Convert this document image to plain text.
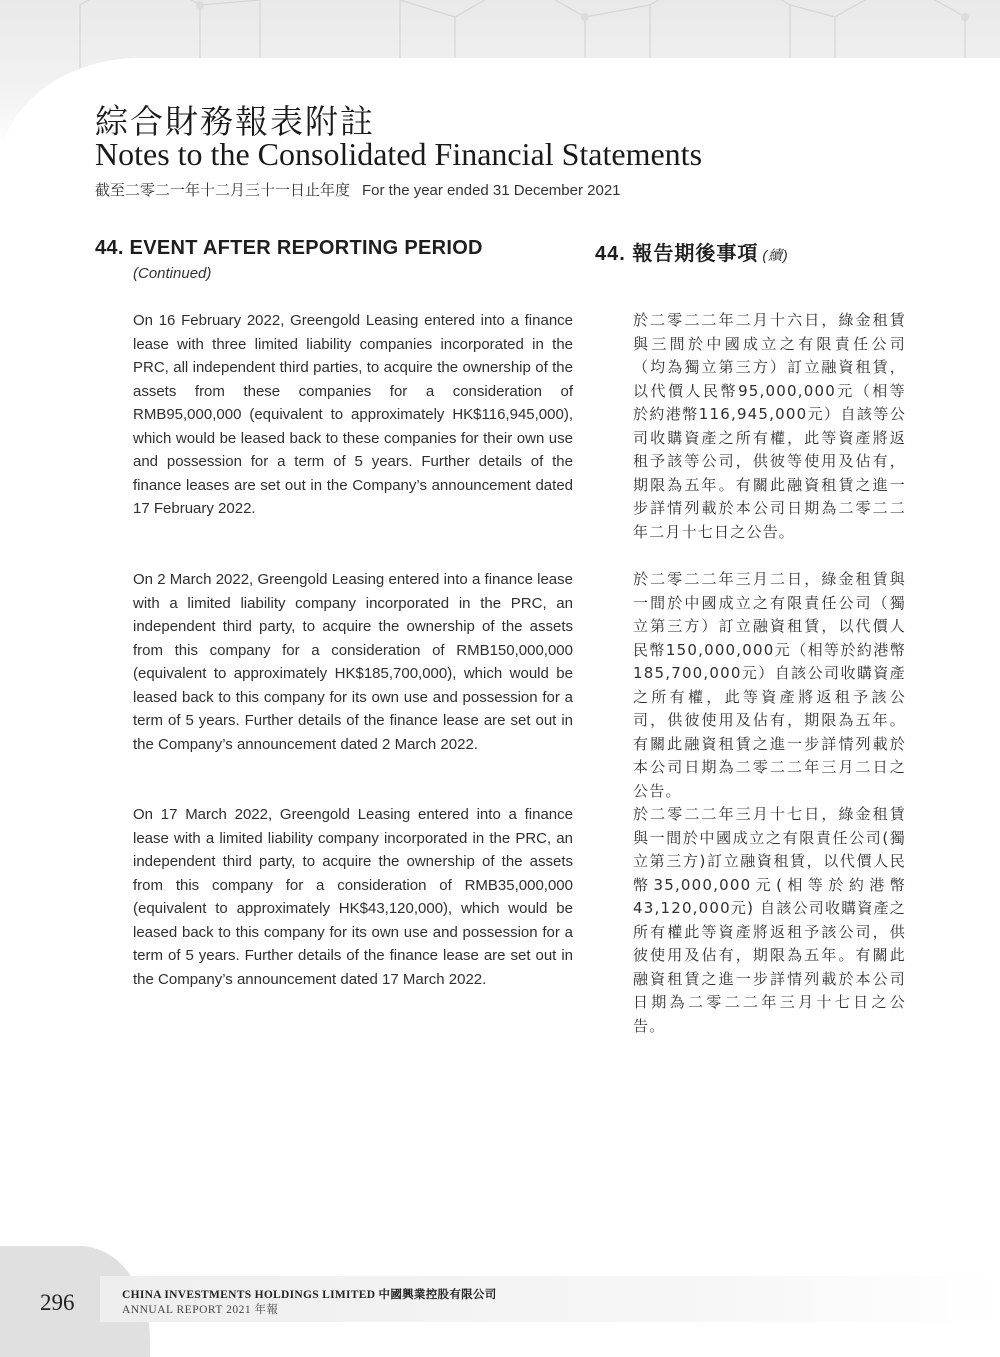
綜合財務報表附註
Notes to the Consolidated Financial Statements
截至二零二一年十二月三十一日止年度 For the year ended 31 December 2021
44. EVENT AFTER REPORTING PERIOD
(Continued)
44. 報告期後事項 (續)

On 16 February 2022, Greengold Leasing entered into a finance lease with three limited liability companies incorporated in the PRC, all independent third parties, to acquire the ownership of the assets from these companies for a consideration of RMB95,000,000 (equivalent to approximately HK$116,945,000), which would be leased back to these companies for their own use and possession for a term of 5 years. Further details of the finance leases are set out in the Company’s announcement dated 17 February 2022.

On 2 March 2022, Greengold Leasing entered into a finance lease with a limited liability company incorporated in the PRC, an independent third party, to acquire the ownership of the assets from this company for a consideration of RMB150,000,000 (equivalent to approximately HK$185,700,000), which would be leased back to this company for its own use and possession for a term of 5 years. Further details of the finance lease are set out in the Company’s announcement dated 2 March 2022.

On 17 March 2022, Greengold Leasing entered into a finance lease with a limited liability company incorporated in the PRC, an independent third party, to acquire the ownership of the assets from this company for a consideration of RMB35,000,000 (equivalent to approximately HK$43,120,000), which would be leased back to this company for its own use and possession for a term of 5 years. Further details of the finance lease are set out in the Company’s announcement dated 17 March 2022.

於二零二二年二月十六日，綠金租賃與三間於中國成立之有限責任公司（均為獨立第三方）訂立融資租賃，以代價人民幣95,000,000元（相等於約港幣116,945,000元）自該等公司收購資產之所有權，此等資產將返租予該等公司，供彼等使用及佔有，期限為五年。有關此融資租賃之進一步詳情列載於本公司日期為二零二二年二月十七日之公告。

於二零二二年三月二日，綠金租賃與一間於中國成立之有限責任公司（獨立第三方）訂立融資租賃，以代價人民幣150,000,000元（相等於約港幣185,700,000元）自該公司收購資產之所有權，此等資產將返租予該公司，供彼使用及佔有，期限為五年。有關此融資租賃之進一步詳情列載於本公司日期為二零二二年三月二日之公告。

於二零二二年三月十七日，綠金租賃與一間於中國成立之有限責任公司(獨立第三方)訂立融資租賃，以代價人民幣35,000,000元(相等於約港幣43,120,000元) 自該公司收購資產之所有權此等資產將返租予該公司，供彼使用及佔有，期限為五年。有關此融資租賃之進一步詳情列載於本公司日期為二零二二年三月十七日之公告。

296	CHINA INVESTMENTS HOLDINGS LIMITED 中國興業控股有限公司
ANNUAL REPORT 2021 年報
